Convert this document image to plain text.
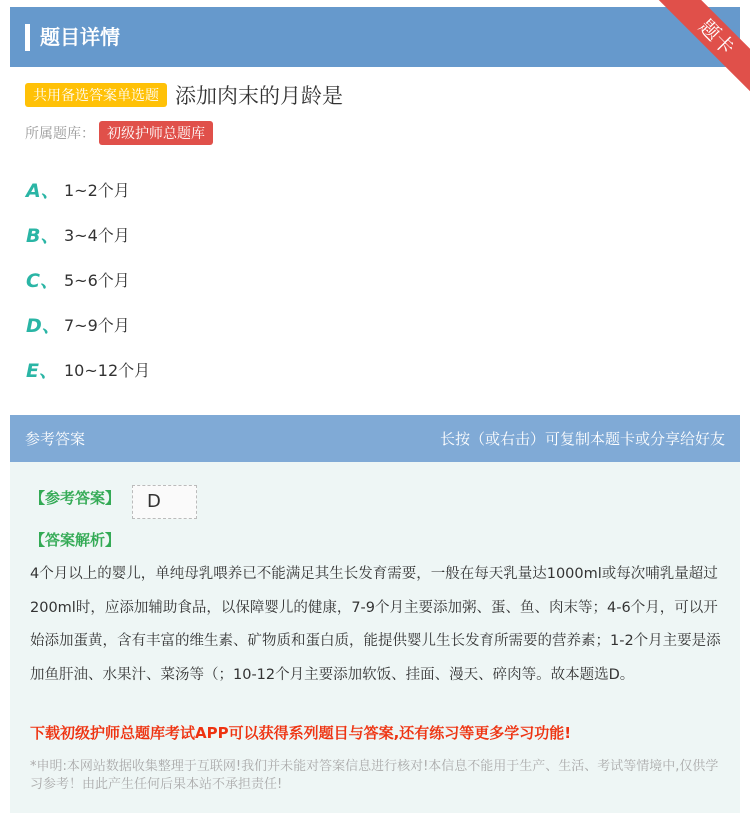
题目详情	题卡
共用备选答案单选题 添加肉末的月龄是
所属题库： 初级护师总题库
A、 1~2个月
B、 3~4个月
C、 5~6个月
D、 7~9个月
E、 10~12个月
参考答案	长按（或右击）可复制本题卡或分享给好友
【参考答案】	D
【答案解析】
4个月以上的婴儿，单纯母乳喂养已不能满足其生长发育需要，一般在每天乳量达1000ml或每次哺乳量超过200ml时，应添加辅助食品，以保障婴儿的健康，7-9个月主要添加粥、蛋、鱼、肉末等；4-6个月，可以开始添加蛋黄，含有丰富的维生素、矿物质和蛋白质，能提供婴儿生长发育所需要的营养素；1-2个月主要是添加鱼肝油、水果汁、菜汤等（；10-12个月主要添加软饭、挂面、漫天、碎肉等。故本题选D。
下载初级护师总题库考试APP可以获得系列题目与答案,还有练习等更多学习功能!
*申明:本网站数据收集整理于互联网!我们并未能对答案信息进行核对!本信息不能用于生产、生活、考试等情境中,仅供学习参考！由此产生任何后果本站不承担责任!
